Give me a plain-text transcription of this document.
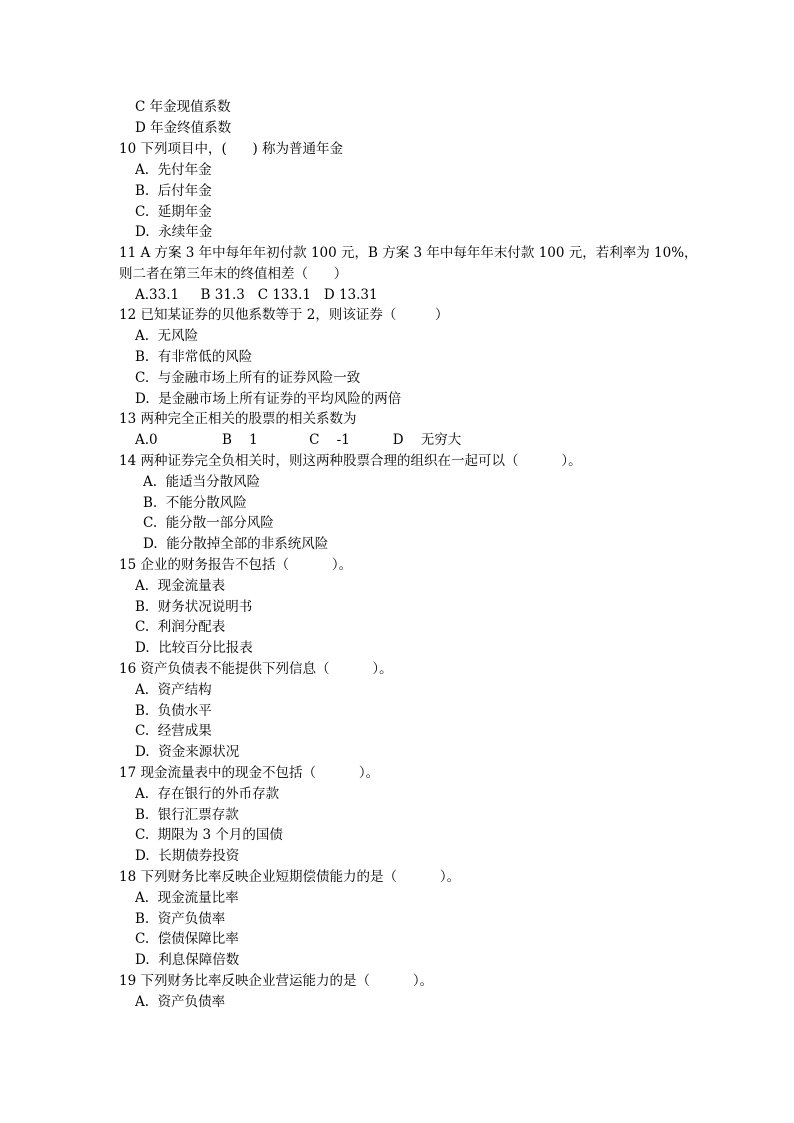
C 年金现值系数
D 年金终值系数
10 下列项目中，(      ) 称为普通年金
A.  先付年金
B.  后付年金
C.  延期年金
D.  永续年金
11 A 方案 3 年中每年年初付款 100 元，B 方案 3 年中每年年末付款 100 元，若利率为 10%，
则二者在第三年末的终值相差（      ）
A.33.1     B 31.3   C 133.1   D 13.31
12 已知某证券的贝他系数等于 2，则该证券（         ）
A.  无风险
B.  有非常低的风险
C.  与金融市场上所有的证券风险一致
D.  是金融市场上所有证券的平均风险的两倍
13 两种完全正相关的股票的相关系数为
A.0               B    1            C    -1          D    无穷大
14 两种证券完全负相关时，则这两种股票合理的组织在一起可以（          ）。
A.  能适当分散风险
B.  不能分散风险
C.  能分散一部分风险
D.  能分散掉全部的非系统风险
15 企业的财务报告不包括（          ）。
A.  现金流量表
B.  财务状况说明书
C.  利润分配表
D.  比较百分比报表
16 资产负债表不能提供下列信息（          ）。
A.  资产结构
B.  负债水平
C.  经营成果
D.  资金来源状况
17 现金流量表中的现金不包括（          ）。
A.  存在银行的外币存款
B.  银行汇票存款
C.  期限为 3 个月的国债
D.  长期债券投资
18 下列财务比率反映企业短期偿债能力的是（          ）。
A.  现金流量比率
B.  资产负债率
C.  偿债保障比率
D.  利息保障倍数
19 下列财务比率反映企业营运能力的是（          ）。
A.  资产负债率
